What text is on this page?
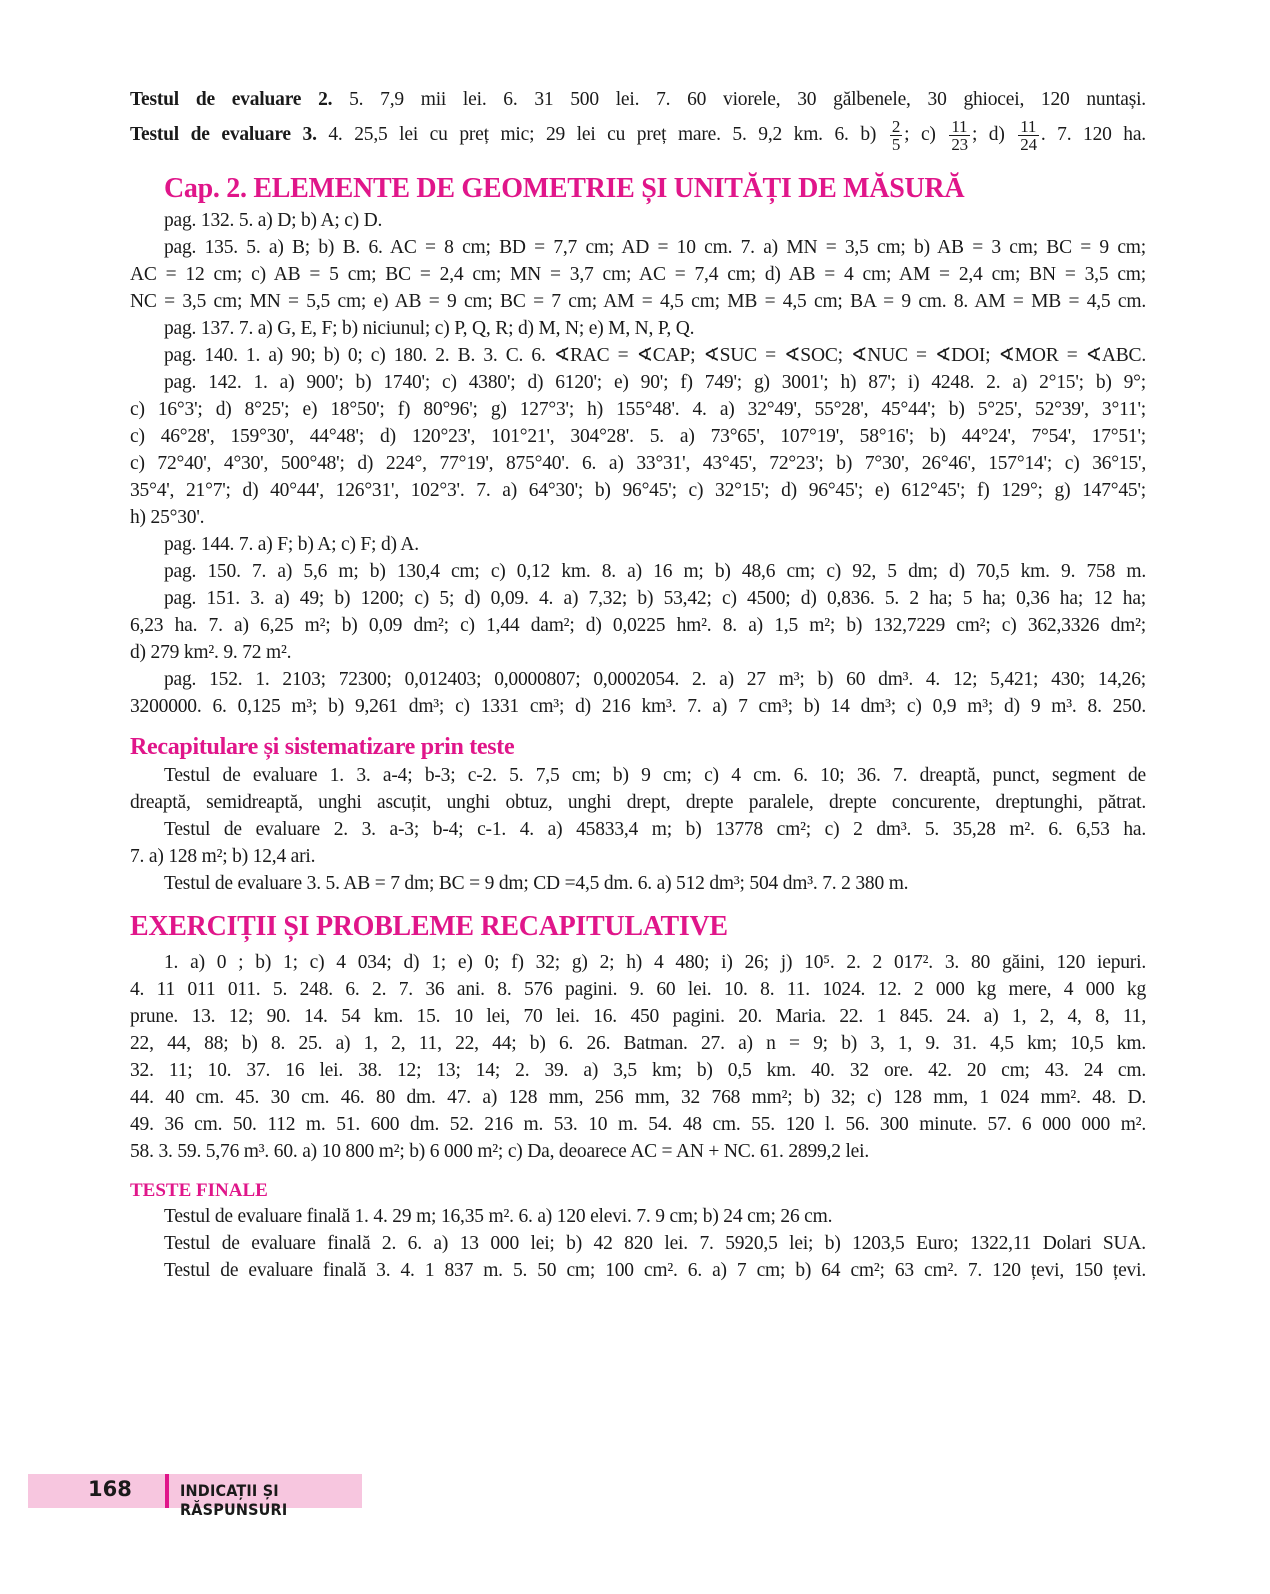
Testul de evaluare 2. 5. 7,9 mii lei. 6. 31 500 lei. 7. 60 viorele, 30 gălbenele, 30 ghiocei, 120 nuntași.
Testul de evaluare 3. 4. 25,5 lei cu preț mic; 29 lei cu preț mare. 5. 9,2 km. 6. $b) \frac{2}{5}$ ; $c) \frac{11}{23}$ ; $d) \frac{11}{24}$ . 7. 120 ha.
Cap. 2. ELEMENTE DE GEOMETRIE ȘI UNITĂȚI DE MĂSURĂ
pag. 132. 5. a) D; b) A; c) D.
pag. 135. 5. a) B; b) B. 6. AC = 8 cm; BD = 7,7 cm; AD = 10 cm. 7. a) MN = 3,5 cm; b) AB = 3 cm; BC = 9 cm;
AC = 12 cm; c) AB = 5 cm; BC = 2,4 cm; MN = 3,7 cm; AC = 7,4 cm; d) AB = 4 cm; AM = 2,4 cm; BN = 3,5 cm;
NC = 3,5 cm; MN = 5,5 cm; e) AB = 9 cm; BC = 7 cm; AM = 4,5 cm; MB = 4,5 cm; BA = 9 cm. 8. AM = MB = 4,5 cm.
pag. 137. 7. a) G, E, F; b) niciunul; c) P, Q, R; d) M, N; e) M, N, P, Q.
pag. 140. 1. a) 90; b) 0; c) 180. 2. B. 3. C. 6. ∢RAC = ∢CAP; ∢SUC = ∢SOC; ∢NUC = ∢DOI; ∢MOR = ∢ABC.
pag. 142. 1. a) 900'; b) 1740'; c) 4380'; d) 6120'; e) 90'; f) 749'; g) 3001'; h) 87'; i) 4248. 2. a) 2°15'; b) 9°;
c) 16°3'; d) 8°25'; e) 18°50'; f) 80°96'; g) 127°3'; h) 155°48'. 4. a) 32°49', 55°28', 45°44'; b) 5°25', 52°39', 3°11';
c) 46°28', 159°30', 44°48'; d) 120°23', 101°21', 304°28'. 5. a) 73°65', 107°19', 58°16'; b) 44°24', 7°54', 17°51';
c) 72°40', 4°30', 500°48'; d) 224°, 77°19', 875°40'. 6. a) 33°31', 43°45', 72°23'; b) 7°30', 26°46', 157°14'; c) 36°15',
35°4', 21°7'; d) 40°44', 126°31', 102°3'. 7. a) 64°30'; b) 96°45'; c) 32°15'; d) 96°45'; e) 612°45'; f) 129°; g) 147°45';
h) 25°30'.
pag. 144. 7. a) F; b) A; c) F; d) A.
pag. 150. 7. a) 5,6 m; b) 130,4 cm; c) 0,12 km. 8. a) 16 m; b) 48,6 cm; c) 92, 5 dm; d) 70,5 km. 9. 758 m.
pag. 151. 3. a) 49; b) 1200; c) 5; d) 0,09. 4. a) 7,32; b) 53,42; c) 4500; d) 0,836. 5. 2 ha; 5 ha; 0,36 ha; 12 ha;
6,23 ha. 7. a) 6,25 m²; b) 0,09 dm²; c) 1,44 dam²; d) 0,0225 hm². 8. a) 1,5 m²; b) 132,7229 cm²; c) 362,3326 dm²;
d) 279 km². 9. 72 m².
pag. 152. 1. 2103; 72300; 0,012403; 0,0000807; 0,0002054. 2. a) 27 m³; b) 60 dm³. 4. 12; 5,421; 430; 14,26;
3200000. 6. 0,125 m³; b) 9,261 dm³; c) 1331 cm³; d) 216 km³. 7. a) 7 cm³; b) 14 dm³; c) 0,9 m³; d) 9 m³. 8. 250.
Recapitulare și sistematizare prin teste
Testul de evaluare 1. 3. a-4; b-3; c-2. 5. 7,5 cm; b) 9 cm; c) 4 cm. 6. 10; 36. 7. dreaptă, punct, segment de
dreaptă, semidreaptă, unghi ascuțit, unghi obtuz, unghi drept, drepte paralele, drepte concurente, dreptunghi, pătrat.
Testul de evaluare 2. 3. a-3; b-4; c-1. 4. a) 45833,4 m; b) 13778 cm²; c) 2 dm³. 5. 35,28 m². 6. 6,53 ha.
7. a) 128 m²; b) 12,4 ari.
Testul de evaluare 3. 5. AB = 7 dm; BC = 9 dm; CD =4,5 dm. 6. a) 512 dm³; 504 dm³. 7. 2 380 m.
EXERCIȚII ȘI PROBLEME RECAPITULATIVE
1. a) 0 ; b) 1; c) 4 034; d) 1; e) 0; f) 32; g) 2; h) 4 480; i) 26; j) 10⁵. 2. 2 017². 3. 80 găini, 120 iepuri.
4. 11 011 011. 5. 248. 6. 2. 7. 36 ani. 8. 576 pagini. 9. 60 lei. 10. 8. 11. 1024. 12. 2 000 kg mere, 4 000 kg
prune. 13. 12; 90. 14. 54 km. 15. 10 lei, 70 lei. 16. 450 pagini. 20. Maria. 22. 1 845. 24. a) 1, 2, 4, 8, 11,
22, 44, 88; b) 8. 25. a) 1, 2, 11, 22, 44; b) 6. 26. Batman. 27. a) n = 9; b) 3, 1, 9. 31. 4,5 km; 10,5 km.
32. 11; 10. 37. 16 lei. 38. 12; 13; 14; 2. 39. a) 3,5 km; b) 0,5 km. 40. 32 ore. 42. 20 cm; 43. 24 cm.
44. 40 cm. 45. 30 cm. 46. 80 dm. 47. a) 128 mm, 256 mm, 32 768 mm²; b) 32; c) 128 mm, 1 024 mm². 48. D.
49. 36 cm. 50. 112 m. 51. 600 dm. 52. 216 m. 53. 10 m. 54. 48 cm. 55. 120 l. 56. 300 minute. 57. 6 000 000 m².
58. 3. 59. 5,76 m³. 60. a) 10 800 m²; b) 6 000 m²; c) Da, deoarece AC = AN + NC. 61. 2899,2 lei.
TESTE FINALE
Testul de evaluare finală 1. 4. 29 m; 16,35 m². 6. a) 120 elevi. 7. 9 cm; b) 24 cm; 26 cm.
Testul de evaluare finală 2. 6. a) 13 000 lei; b) 42 820 lei. 7. 5920,5 lei; b) 1203,5 Euro; 1322,11 Dolari SUA.
Testul de evaluare finală 3. 4. 1 837 m. 5. 50 cm; 100 cm². 6. a) 7 cm; b) 64 cm²; 63 cm². 7. 120 țevi, 150 țevi.
168	INDICAȚII ȘI RĂSPUNSURI
